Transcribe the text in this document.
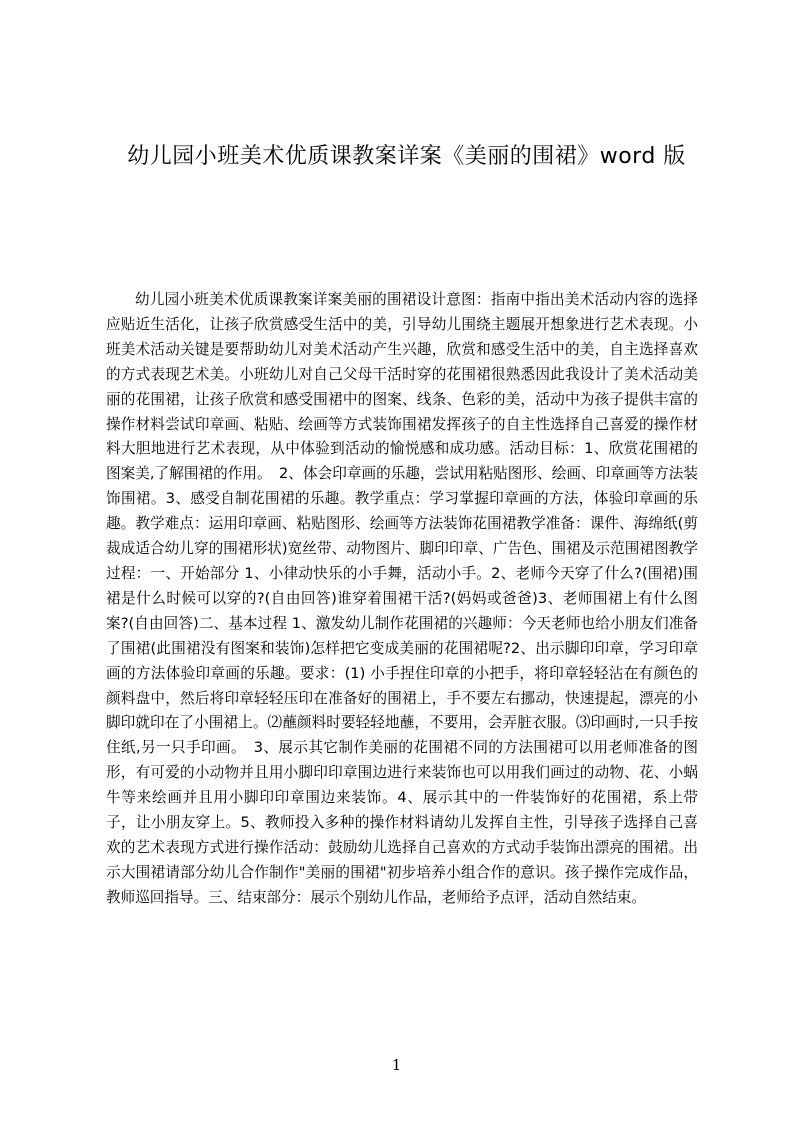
幼儿园小班美术优质课教案详案《美丽的围裙》word 版

幼儿园小班美术优质课教案详案美丽的围裙设计意图：指南中指出美术活动内容的选择应贴近生活化，让孩子欣赏感受生活中的美，引导幼儿围绕主题展开想象进行艺术表现。小班美术活动关键是要帮助幼儿对美术活动产生兴趣，欣赏和感受生活中的美，自主选择喜欢的方式表现艺术美。小班幼儿对自己父母干活时穿的花围裙很熟悉因此我设计了美术活动美丽的花围裙，让孩子欣赏和感受围裙中的图案、线条、色彩的美，活动中为孩子提供丰富的操作材料尝试印章画、粘贴、绘画等方式装饰围裙发挥孩子的自主性选择自己喜爱的操作材料大胆地进行艺术表现，从中体验到活动的愉悦感和成功感。活动目标：1、欣赏花围裙的图案美,了解围裙的作用。　2、体会印章画的乐趣，尝试用粘贴图形、绘画、印章画等方法装饰围裙。3、感受自制花围裙的乐趣。教学重点：学习掌握印章画的方法，体验印章画的乐趣。教学难点：运用印章画、粘贴图形、绘画等方法装饰花围裙教学准备：课件、海绵纸(剪裁成适合幼儿穿的围裙形状)宽丝带、动物图片、脚印印章、广告色、围裙及示范围裙图教学过程：一、开始部分 1、小律动快乐的小手舞，活动小手。2、老师今天穿了什么?(围裙)围裙是什么时候可以穿的?(自由回答)谁穿着围裙干活?(妈妈或爸爸)3、老师围裙上有什么图案?(自由回答)二、基本过程 1、激发幼儿制作花围裙的兴趣师：今天老师也给小朋友们准备了围裙(此围裙没有图案和装饰)怎样把它变成美丽的花围裙呢?2、出示脚印印章，学习印章画的方法体验印章画的乐趣。要求：(1) 小手捏住印章的小把手，将印章轻轻沾在有颜色的颜料盘中，然后将印章轻轻压印在准备好的围裙上，手不要左右挪动，快速提起，漂亮的小脚印就印在了小围裙上。⑵蘸颜料时要轻轻地蘸，不要用，会弄脏衣服。⑶印画时,一只手按住纸,另一只手印画。　3、展示其它制作美丽的花围裙不同的方法围裙可以用老师准备的图形，有可爱的小动物并且用小脚印印章围边进行来装饰也可以用我们画过的动物、花、小蜗牛等来绘画并且用小脚印印章围边来装饰。4、展示其中的一件装饰好的花围裙，系上带子，让小朋友穿上。5、教师投入多种的操作材料请幼儿发挥自主性，引导孩子选择自己喜欢的艺术表现方式进行操作活动：鼓励幼儿选择自己喜欢的方式动手装饰出漂亮的围裙。出示大围裙请部分幼儿合作制作"美丽的围裙"初步培养小组合作的意识。孩子操作完成作品，教师巡回指导。三、结束部分：展示个别幼儿作品，老师给予点评，活动自然结束。

1
